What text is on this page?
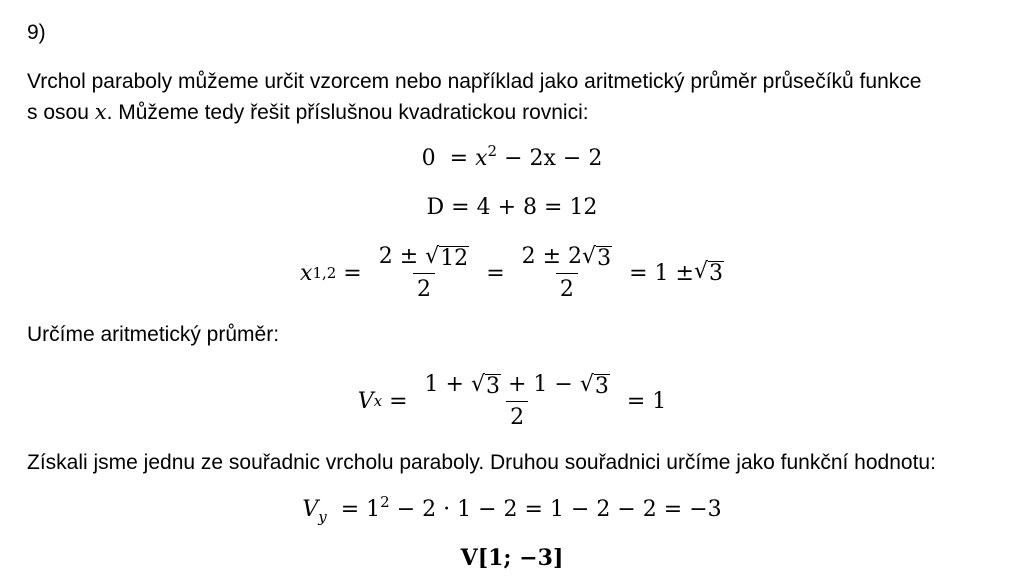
9)
Vrchol paraboly můžeme určit vzorcem nebo například jako aritmetický průměr průsečíků funkce
s osou x. Můžeme tedy řešit příslušnou kvadratickou rovnici:
$0 = x^2 - 2x - 2$
D = 4 + 8 = 12
x $1,2 = \frac{2 \pm √ 12}{2} = \frac{2 \pm 2 √ 3}{2} = 1$ ± √ 3
Určíme aritmetický průměr:
V $x = \frac{1 + √ 3 + 1 - √ 3}{2} = 1$
Získali jsme jednu ze souřadnic vrcholu paraboly. Druhou souřadnici určíme jako funkční hodnotu:
$V_y = 1^2 - 2 \cdot 1 - 2 = 1 - 2 - 2 = -3$
V[1; −3]
